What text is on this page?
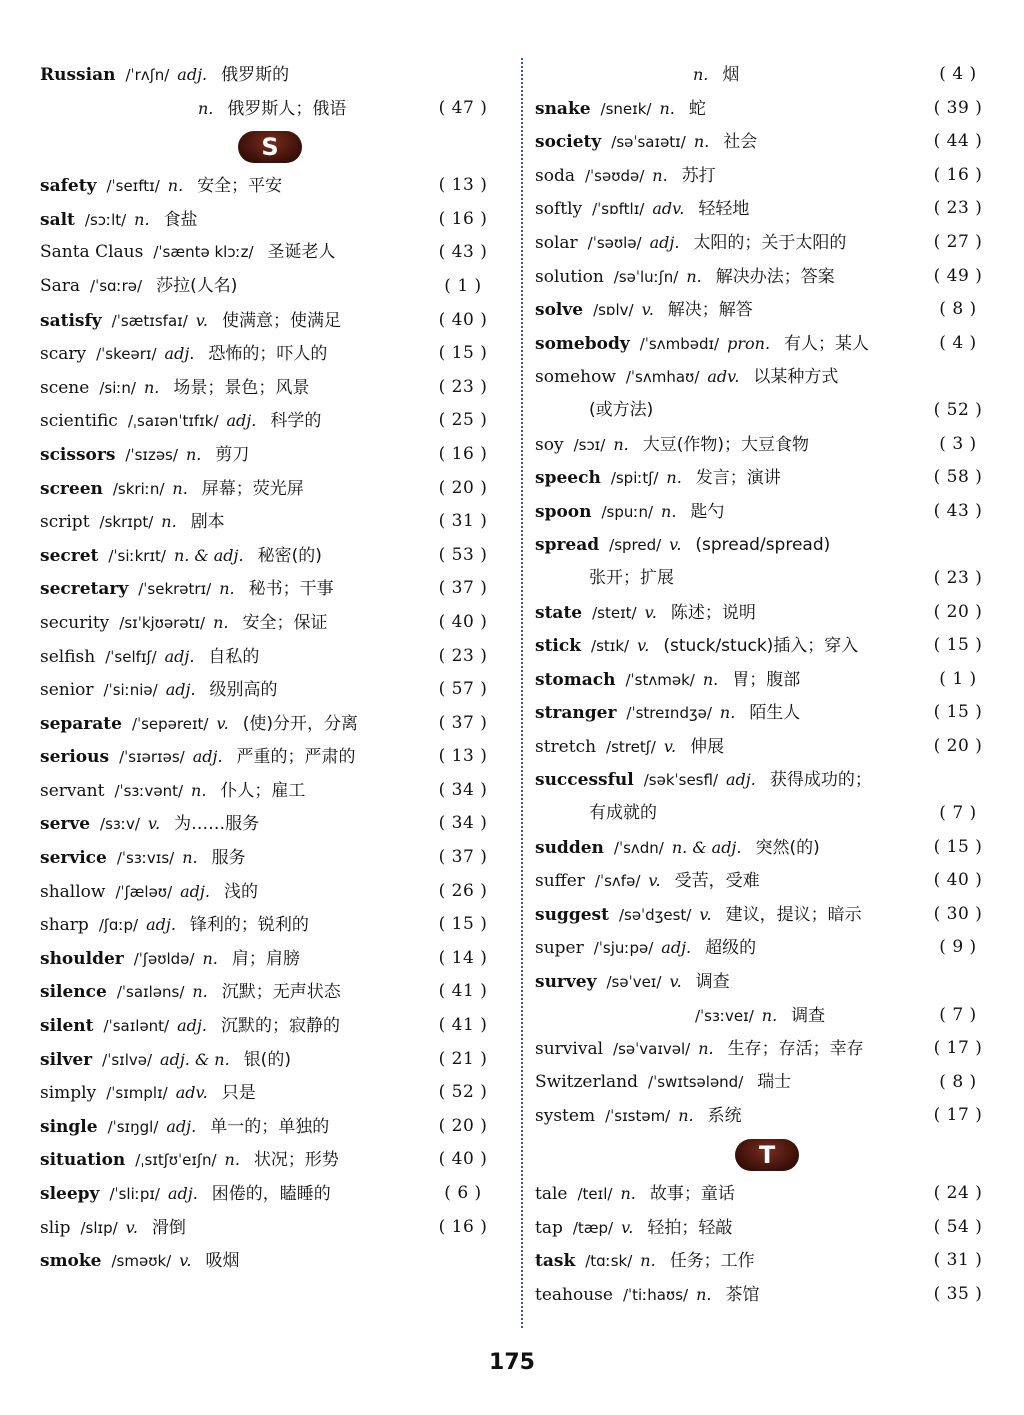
Russian /ˈrʌʃn/ adj. 俄罗斯的
n. 俄罗斯人；俄语	( 47 )
S
safety /ˈseɪftɪ/ n. 安全；平安	( 13 )
salt /sɔːlt/ n. 食盐	( 16 )
Santa Claus /ˈsæntə klɔːz/ 圣诞老人	( 43 )
Sara /ˈsɑːrə/ 莎拉(人名)	( 1 )
satisfy /ˈsætɪsfaɪ/ v. 使满意；使满足	( 40 )
scary /ˈskeərɪ/ adj. 恐怖的；吓人的	( 15 )
scene /siːn/ n. 场景；景色；风景	( 23 )
scientific /ˌsaɪənˈtɪfɪk/ adj. 科学的	( 25 )
scissors /ˈsɪzəs/ n. 剪刀	( 16 )
screen /skriːn/ n. 屏幕；荧光屏	( 20 )
script /skrɪpt/ n. 剧本	( 31 )
secret /ˈsiːkrɪt/ n. & adj. 秘密(的)	( 53 )
secretary /ˈsekrətrɪ/ n. 秘书；干事	( 37 )
security /sɪˈkjʊərətɪ/ n. 安全；保证	( 40 )
selfish /ˈselfɪʃ/ adj. 自私的	( 23 )
senior /ˈsiːniə/ adj. 级别高的	( 57 )
separate /ˈsepəreɪt/ v. (使)分开，分离	( 37 )
serious /ˈsɪərɪəs/ adj. 严重的；严肃的	( 13 )
servant /ˈsɜːvənt/ n. 仆人；雇工	( 34 )
serve /sɜːv/ v. 为……服务	( 34 )
service /ˈsɜːvɪs/ n. 服务	( 37 )
shallow /ˈʃæləʊ/ adj. 浅的	( 26 )
sharp /ʃɑːp/ adj. 锋利的；锐利的	( 15 )
shoulder /ˈʃəʊldə/ n. 肩；肩膀	( 14 )
silence /ˈsaɪləns/ n. 沉默；无声状态	( 41 )
silent /ˈsaɪlənt/ adj. 沉默的；寂静的	( 41 )
silver /ˈsɪlvə/ adj. & n. 银(的)	( 21 )
simply /ˈsɪmplɪ/ adv. 只是	( 52 )
single /ˈsɪŋgl/ adj. 单一的；单独的	( 20 )
situation /ˌsɪtʃʊˈeɪʃn/ n. 状况；形势	( 40 )
sleepy /ˈsliːpɪ/ adj. 困倦的，瞌睡的	( 6 )
slip /slɪp/ v. 滑倒	( 16 )
smoke /sməʊk/ v. 吸烟
n. 烟	( 4 )
snake /sneɪk/ n. 蛇	( 39 )
society /səˈsaɪətɪ/ n. 社会	( 44 )
soda /ˈsəʊdə/ n. 苏打	( 16 )
softly /ˈsɒftlɪ/ adv. 轻轻地	( 23 )
solar /ˈsəʊlə/ adj. 太阳的；关于太阳的	( 27 )
solution /səˈluːʃn/ n. 解决办法；答案	( 49 )
solve /sɒlv/ v. 解决；解答	( 8 )
somebody /ˈsʌmbədɪ/ pron. 有人；某人	( 4 )
somehow /ˈsʌmhaʊ/ adv. 以某种方式
(或方法)	( 52 )
soy /sɔɪ/ n. 大豆(作物)；大豆食物	( 3 )
speech /spiːtʃ/ n. 发言；演讲	( 58 )
spoon /spuːn/ n. 匙勺	( 43 )
spread /spred/ v. (spread/spread)
张开；扩展	( 23 )
state /steɪt/ v. 陈述；说明	( 20 )
stick /stɪk/ v. (stuck/stuck)插入；穿入	( 15 )
stomach /ˈstʌmək/ n. 胃；腹部	( 1 )
stranger /ˈstreɪndʒə/ n. 陌生人	( 15 )
stretch /stretʃ/ v. 伸展	( 20 )
successful /səkˈsesfl/ adj. 获得成功的；
有成就的	( 7 )
sudden /ˈsʌdn/ n. & adj. 突然(的)	( 15 )
suffer /ˈsʌfə/ v. 受苦，受难	( 40 )
suggest /səˈdʒest/ v. 建议，提议；暗示	( 30 )
super /ˈsjuːpə/ adj. 超级的	( 9 )
survey /səˈveɪ/ v. 调查
/ˈsɜːveɪ/ n. 调查	( 7 )
survival /səˈvaɪvəl/ n. 生存；存活；幸存	( 17 )
Switzerland /ˈswɪtsələnd/ 瑞士	( 8 )
system /ˈsɪstəm/ n. 系统	( 17 )
T
tale /teɪl/ n. 故事；童话	( 24 )
tap /tæp/ v. 轻拍；轻敲	( 54 )
task /tɑːsk/ n. 任务；工作	( 31 )
teahouse /ˈtiːhaʊs/ n. 茶馆	( 35 )
175
